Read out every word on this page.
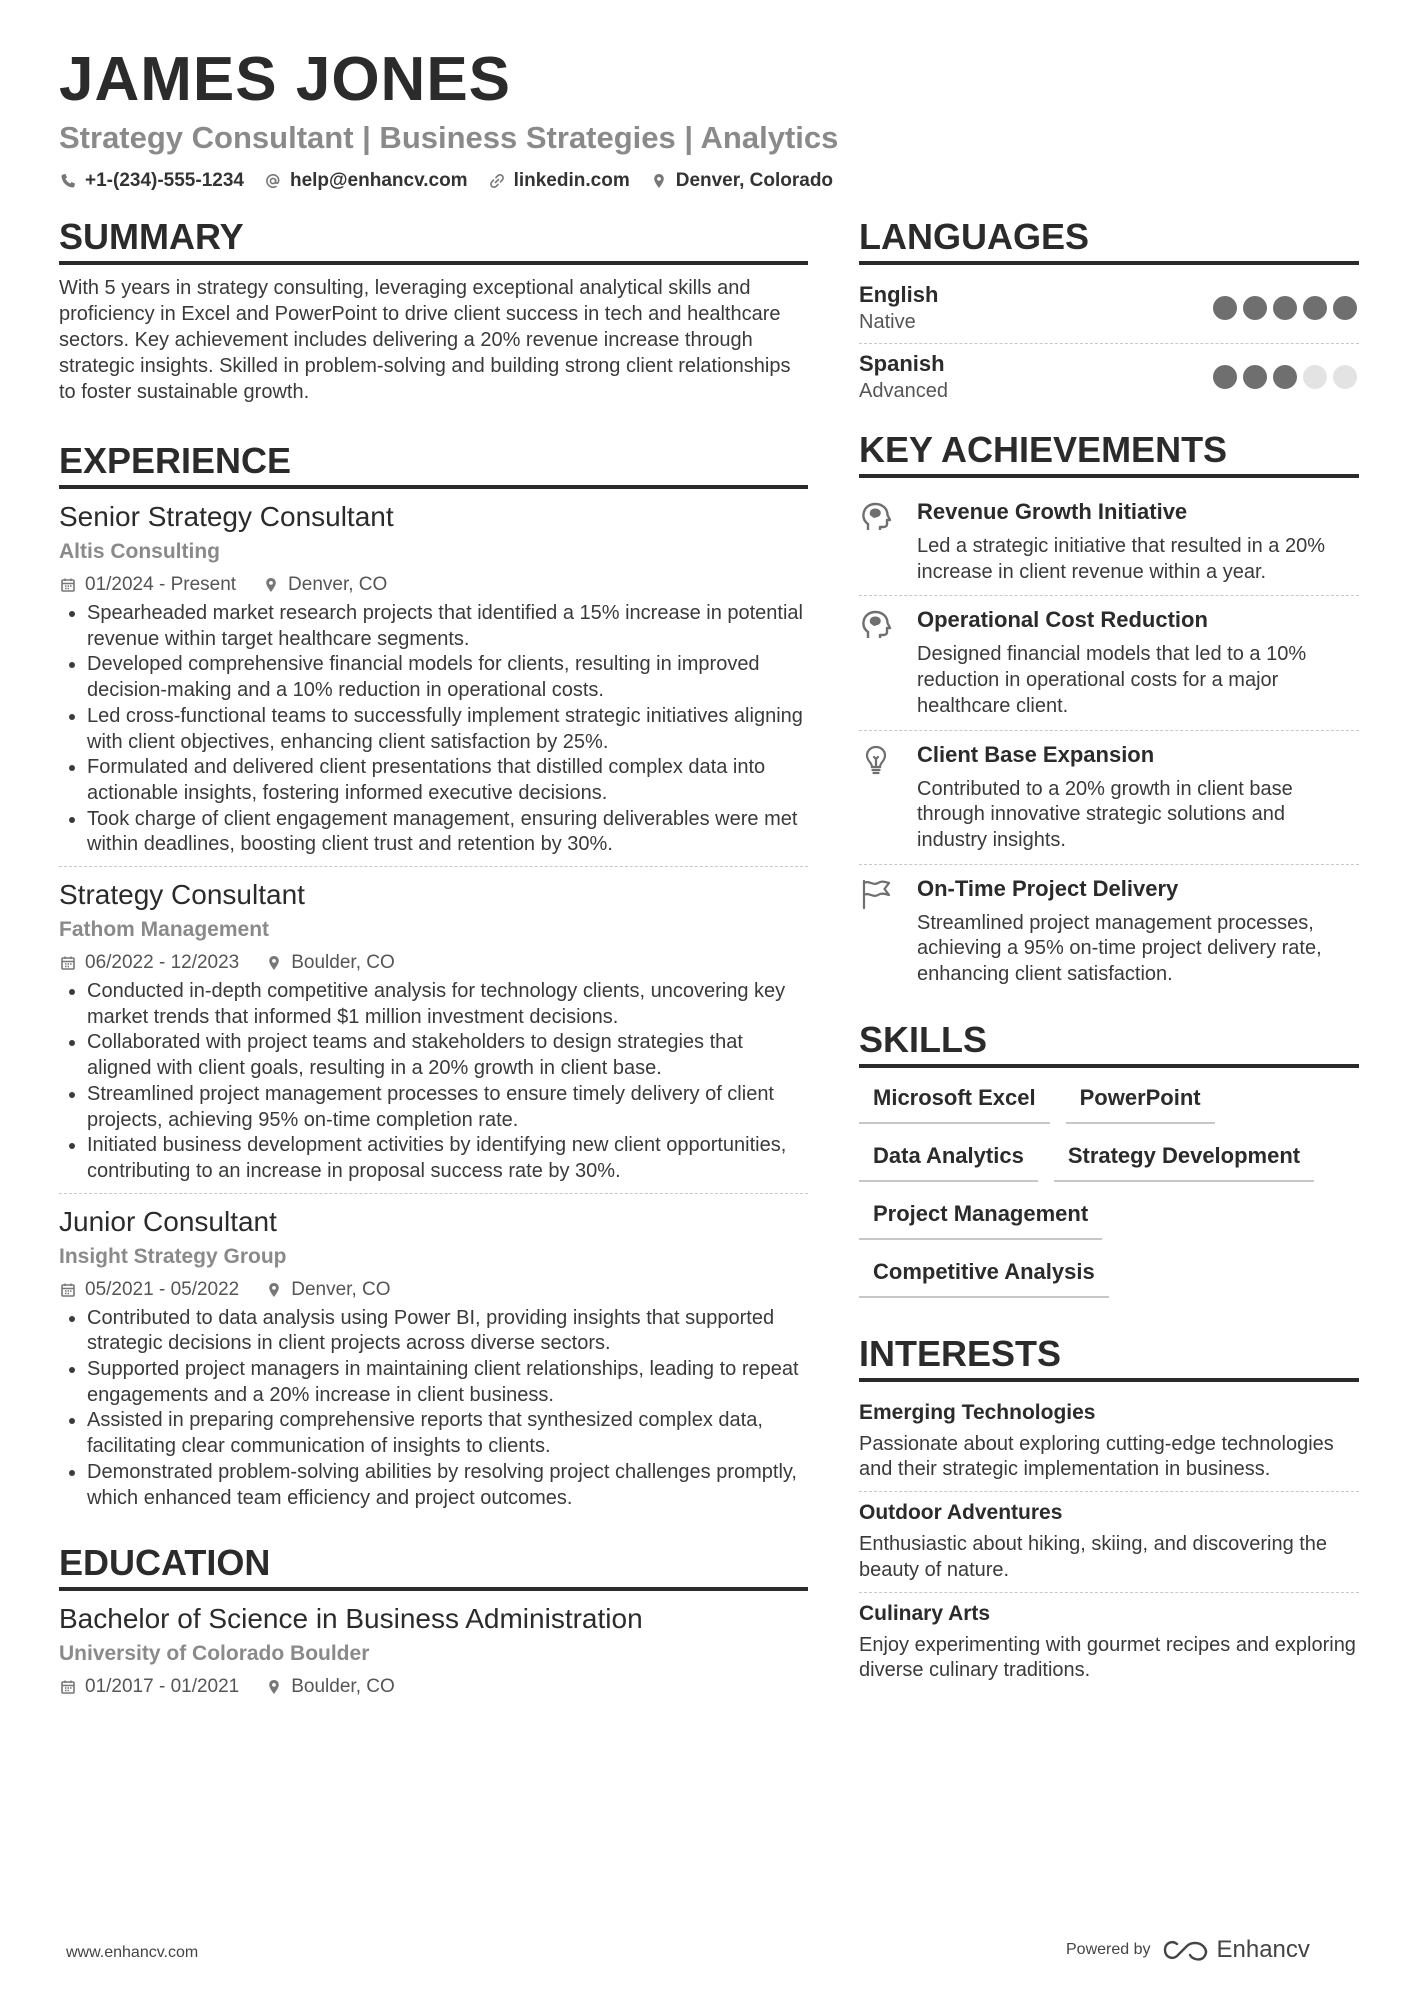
JAMES JONES
Strategy Consultant | Business Strategies | Analytics
+1-(234)-555-1234 help@enhancv.com linkedin.com Denver, Colorado
SUMMARY

With 5 years in strategy consulting, leveraging exceptional analytical skills and proficiency in Excel and PowerPoint to drive client success in tech and healthcare sectors. Key achievement includes delivering a 20% revenue increase through strategic insights. Skilled in problem-solving and building strong client relationships to foster sustainable growth.

EXPERIENCE
Senior Strategy Consultant
Altis Consulting
01/2024 - Present	Denver, CO
• Spearheaded market research projects that identified a 15% increase in potential revenue within target healthcare segments.
• Developed comprehensive financial models for clients, resulting in improved decision-making and a 10% reduction in operational costs.
• Led cross-functional teams to successfully implement strategic initiatives aligning with client objectives, enhancing client satisfaction by 25%.
• Formulated and delivered client presentations that distilled complex data into actionable insights, fostering informed executive decisions.
• Took charge of client engagement management, ensuring deliverables were met within deadlines, boosting client trust and retention by 30%.
Strategy Consultant
Fathom Management
06/2022 - 12/2023	Boulder, CO
• Conducted in-depth competitive analysis for technology clients, uncovering key market trends that informed $1 million investment decisions.
• Collaborated with project teams and stakeholders to design strategies that aligned with client goals, resulting in a 20% growth in client base.
• Streamlined project management processes to ensure timely delivery of client projects, achieving 95% on-time completion rate.
• Initiated business development activities by identifying new client opportunities, contributing to an increase in proposal success rate by 30%.
Junior Consultant
Insight Strategy Group
05/2021 - 05/2022	Denver, CO
• Contributed to data analysis using Power BI, providing insights that supported strategic decisions in client projects across diverse sectors.
• Supported project managers in maintaining client relationships, leading to repeat engagements and a 20% increase in client business.
• Assisted in preparing comprehensive reports that synthesized complex data, facilitating clear communication of insights to clients.
• Demonstrated problem-solving abilities by resolving project challenges promptly, which enhanced team efficiency and project outcomes.
EDUCATION
Bachelor of Science in Business Administration
University of Colorado Boulder
01/2017 - 01/2021	Boulder, CO
LANGUAGES
English
Native
Spanish
Advanced
KEY ACHIEVEMENTS
Revenue Growth Initiative
Led a strategic initiative that resulted in a 20% increase in client revenue within a year.
Operational Cost Reduction
Designed financial models that led to a 10% reduction in operational costs for a major healthcare client.
Client Base Expansion
Contributed to a 20% growth in client base through innovative strategic solutions and industry insights.
On-Time Project Delivery
Streamlined project management processes, achieving a 95% on-time project delivery rate, enhancing client satisfaction.
SKILLS
Microsoft Excel	PowerPoint
Data Analytics	Strategy Development
Project Management
Competitive Analysis
INTERESTS
Emerging Technologies
Passionate about exploring cutting-edge technologies and their strategic implementation in business.
Outdoor Adventures
Enthusiastic about hiking, skiing, and discovering the beauty of nature.
Culinary Arts
Enjoy experimenting with gourmet recipes and exploring diverse culinary traditions.
www.enhancv.com	Powered by	Enhancv
